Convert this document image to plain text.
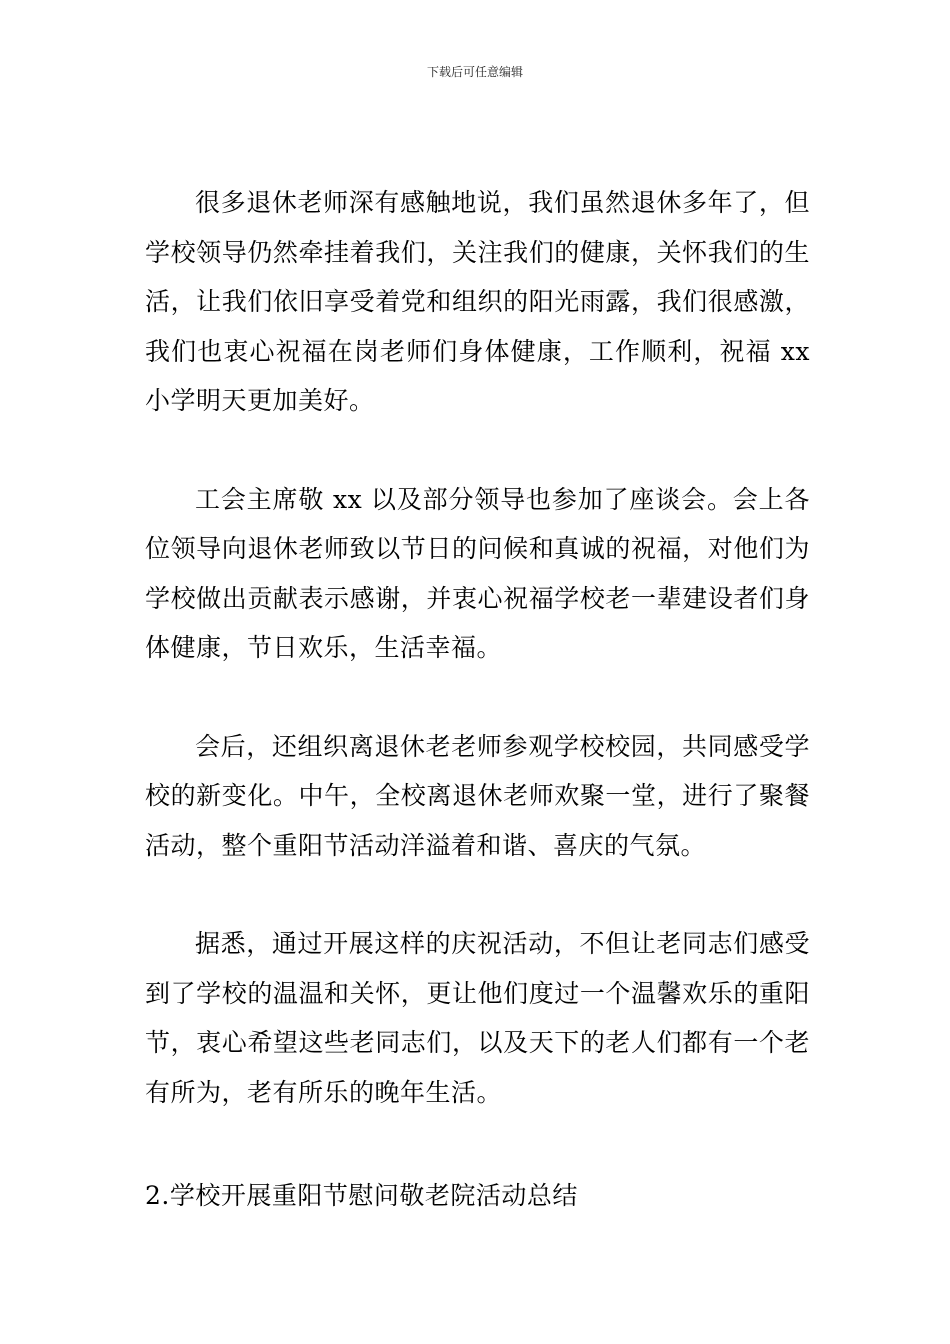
下载后可任意编辑

很多退休老师深有感触地说，我们虽然退休多年了，但学校领导仍然牵挂着我们，关注我们的健康，关怀我们的生活，让我们依旧享受着党和组织的阳光雨露，我们很感激，我们也衷心祝福在岗老师们身体健康，工作顺利，祝福 xx 小学明天更加美好。

工会主席敬 xx 以及部分领导也参加了座谈会。会上各位领导向退休老师致以节日的问候和真诚的祝福，对他们为学校做出贡献表示感谢，并衷心祝福学校老一辈建设者们身体健康，节日欢乐，生活幸福。

会后，还组织离退休老老师参观学校校园，共同感受学校的新变化。中午，全校离退休老师欢聚一堂，进行了聚餐活动，整个重阳节活动洋溢着和谐、喜庆的气氛。

据悉，通过开展这样的庆祝活动，不但让老同志们感受到了学校的温温和关怀，更让他们度过一个温馨欢乐的重阳节，衷心希望这些老同志们，以及天下的老人们都有一个老有所为，老有所乐的晚年生活。

2.学校开展重阳节慰问敬老院活动总结
